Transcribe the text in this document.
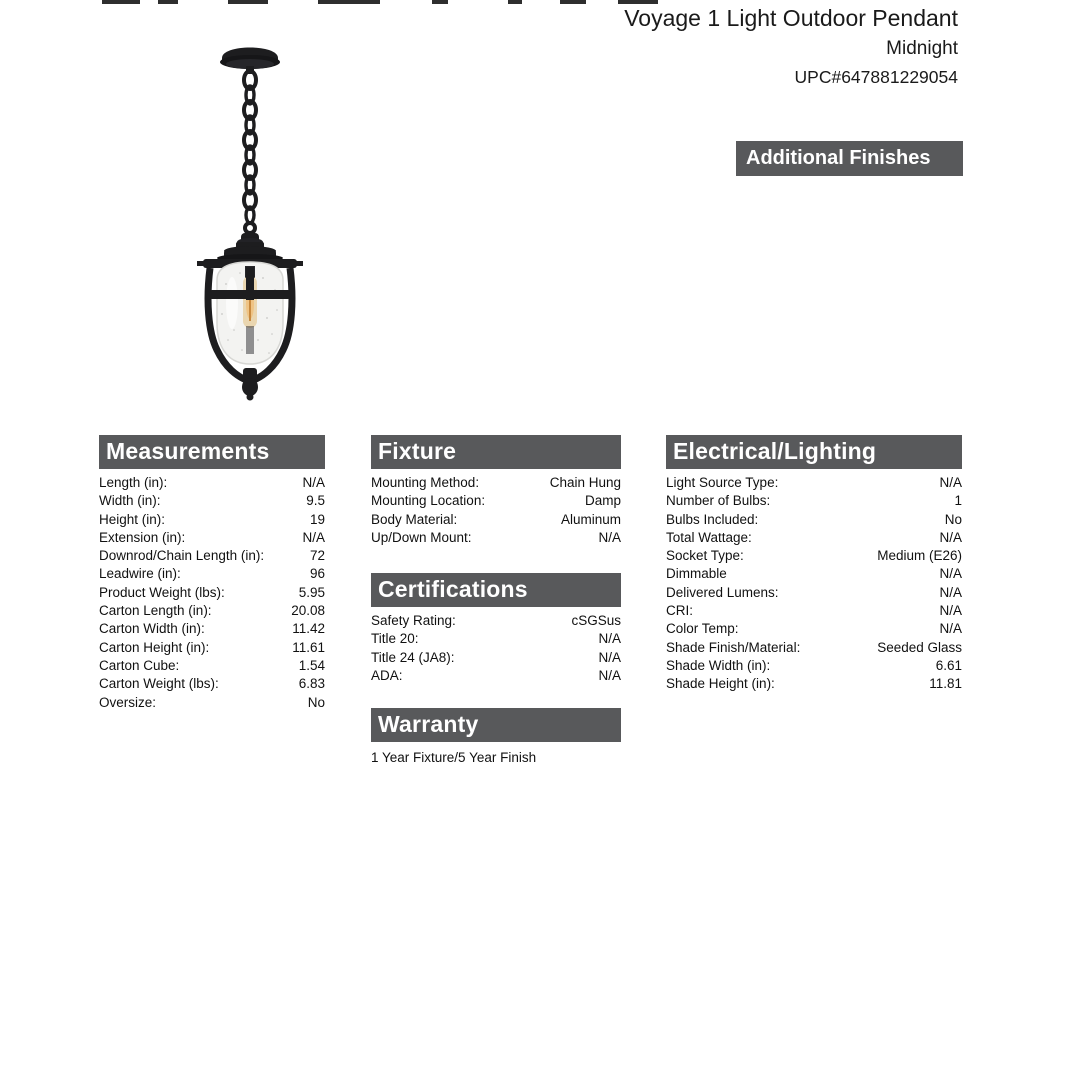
Voyage 1 Light Outdoor Pendant
Midnight
UPC#647881229054
Additional Finishes
Measurements
Length (in):	N/A
Width (in):	9.5
Height (in):	19
Extension (in):	N/A
Downrod/Chain Length (in):	72
Leadwire (in):	96
Product Weight (lbs):	5.95
Carton Length (in):	20.08
Carton Width (in):	11.42
Carton Height (in):	11.61
Carton Cube:	1.54
Carton Weight (lbs):	6.83
Oversize:	No
Fixture
Mounting Method:	Chain Hung
Mounting Location:	Damp
Body Material:	Aluminum
Up/Down Mount:	N/A
Certifications
Safety Rating:	cSGSus
Title 20:	N/A
Title 24 (JA8):	N/A
ADA:	N/A
Warranty
1 Year Fixture/5 Year Finish
Electrical/Lighting
Light Source Type:	N/A
Number of Bulbs:	1
Bulbs Included:	No
Total Wattage:	N/A
Socket Type:	Medium (E26)
Dimmable	N/A
Delivered Lumens:	N/A
CRI:	N/A
Color Temp:	N/A
Shade Finish/Material:	Seeded Glass
Shade Width (in):	6.61
Shade Height (in):	11.81
